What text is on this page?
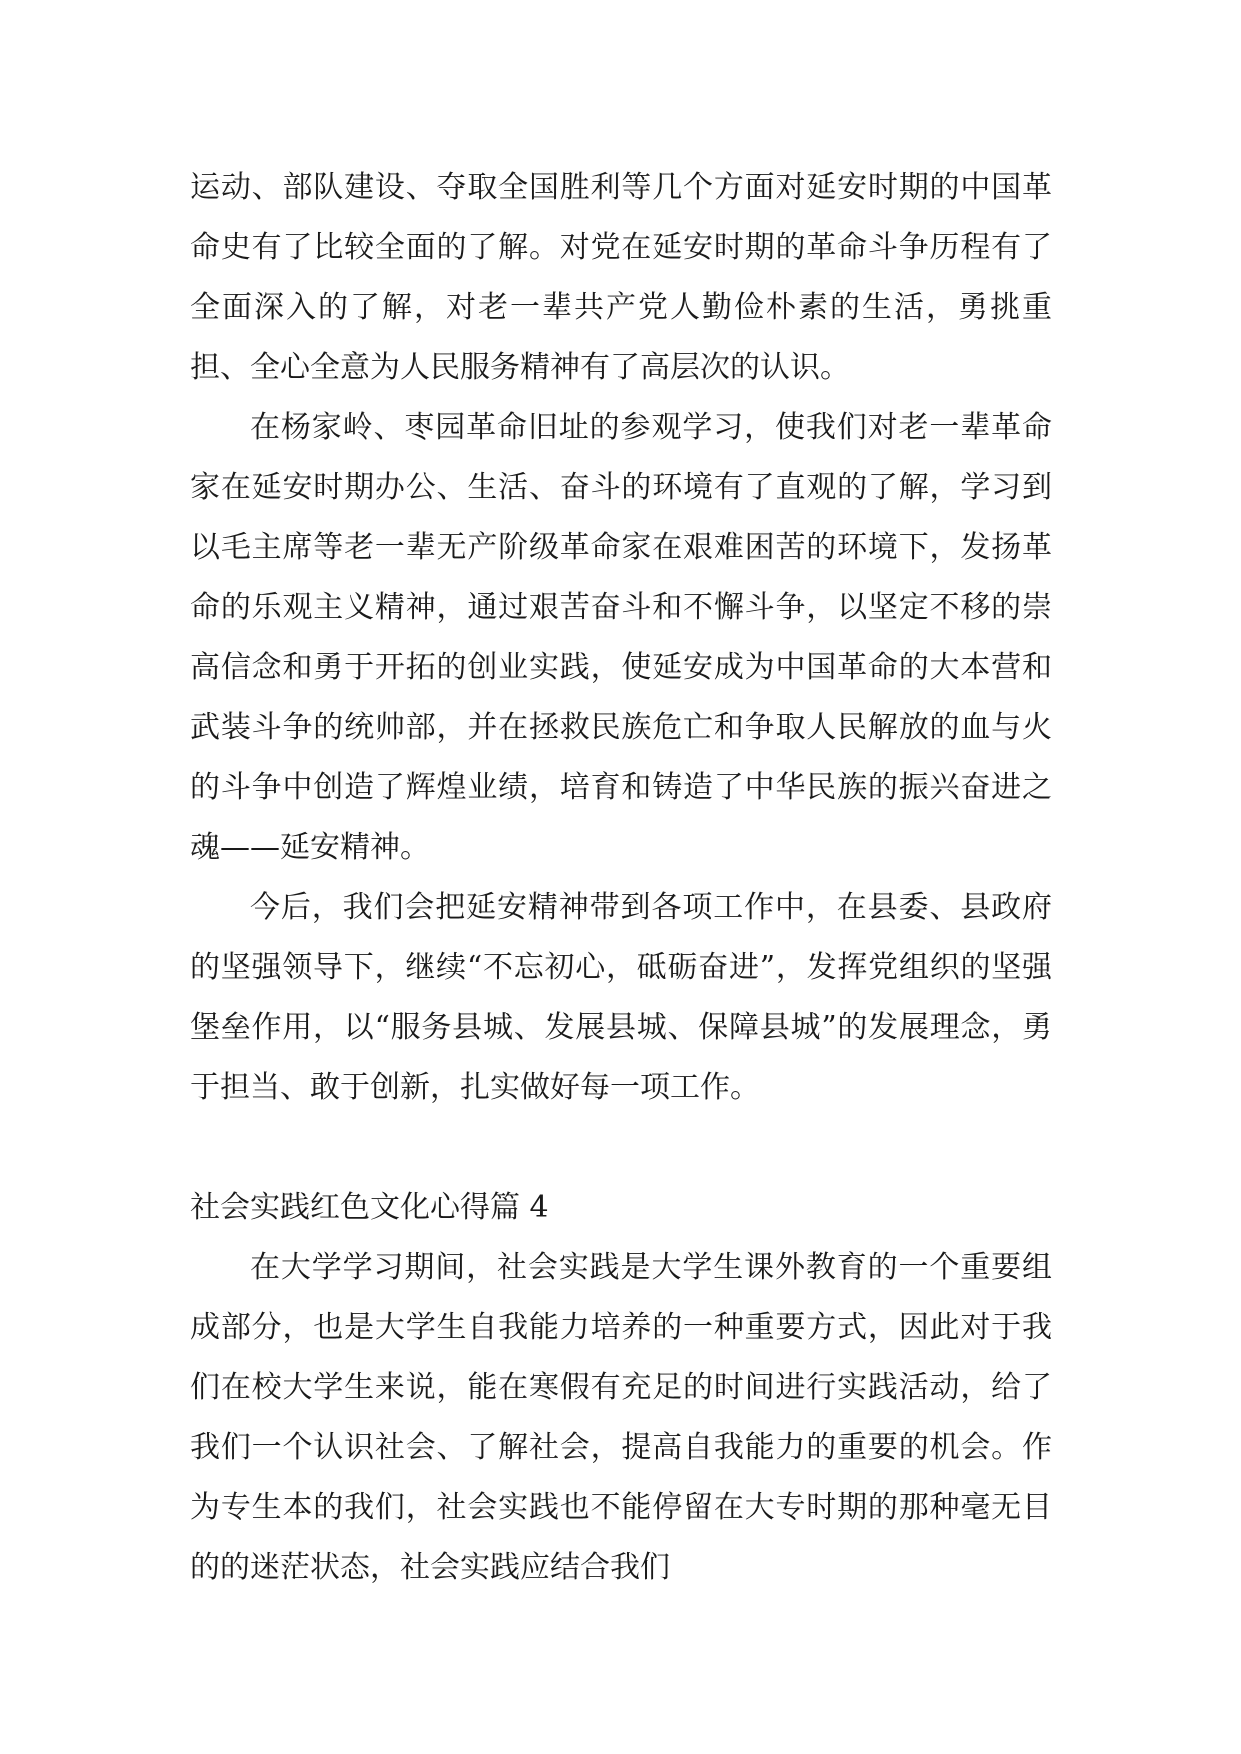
运动、部队建设、夺取全国胜利等几个方面对延安时期的中国革命史有了比较全面的了解。对党在延安时期的革命斗争历程有了全面深入的了解，对老一辈共产党人勤俭朴素的生活，勇挑重担、全心全意为人民服务精神有了高层次的认识。

在杨家岭、枣园革命旧址的参观学习，使我们对老一辈革命家在延安时期办公、生活、奋斗的环境有了直观的了解，学习到以毛主席等老一辈无产阶级革命家在艰难困苦的环境下，发扬革命的乐观主义精神，通过艰苦奋斗和不懈斗争，以坚定不移的崇高信念和勇于开拓的创业实践，使延安成为中国革命的大本营和武装斗争的统帅部，并在拯救民族危亡和争取人民解放的血与火的斗争中创造了辉煌业绩，培育和铸造了中华民族的振兴奋进之魂——延安精神。

今后，我们会把延安精神带到各项工作中，在县委、县政府的坚强领导下，继续“不忘初心，砥砺奋进”，发挥党组织的坚强堡垒作用，以“服务县城、发展县城、保障县城”的发展理念，勇于担当、敢于创新，扎实做好每一项工作。

社会实践红色文化心得篇 4

在大学学习期间，社会实践是大学生课外教育的一个重要组成部分，也是大学生自我能力培养的一种重要方式，因此对于我们在校大学生来说，能在寒假有充足的时间进行实践活动，给了我们一个认识社会、了解社会，提高自我能力的重要的机会。作为专生本的我们，社会实践也不能停留在大专时期的那种毫无目的的迷茫状态，社会实践应结合我们
